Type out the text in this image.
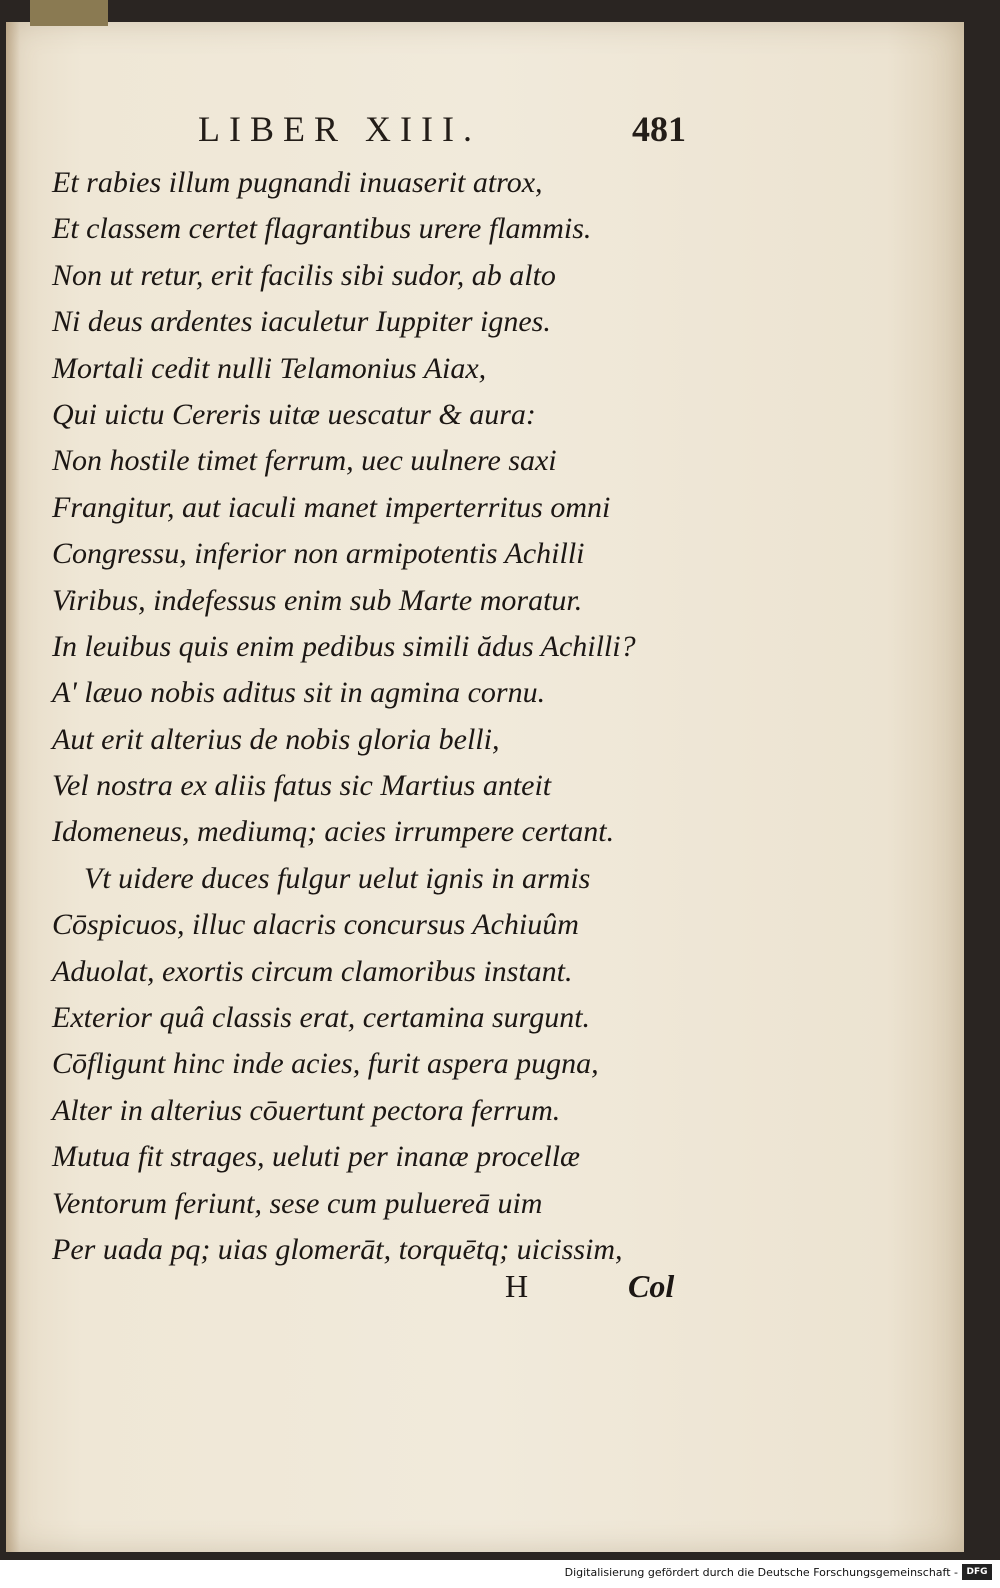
LIBER XIII.	481
Et rabies illum pugnandi inuaserit atrox,
Et classem certet flagrantibus urere flammis.
Non ut retur, erit facilis sibi sudor, ab alto
Ni deus ardentes iaculetur Iuppiter ignes.
Mortali cedit nulli Telamonius Aiax,
Qui uictu Cereris uitæ uescatur & aura:
Non hostile timet ferrum, uec uulnere saxi
Frangitur, aut iaculi manet imperterritus omni
Congressu, inferior non armipotentis Achilli
Viribus, indefessus enim sub Marte moratur.
In leuibus quis enim pedibus simili ădus Achilli?
A' læuo nobis aditus sit in agmina cornu.
Aut erit alterius de nobis gloria belli,
Vel nostra ex aliis fatus sic Martius anteit
Idomeneus, mediumq; acies irrumpere certant.
Vt uidere duces fulgur uelut ignis in armis
Cōspicuos, illuc alacris concursus Achiuûm
Aduolat, exortis circum clamoribus instant.
Exterior quâ classis erat, certamina surgunt.
Cōfligunt hinc inde acies, furit aspera pugna,
Alter in alterius cōuertunt pectora ferrum.
Mutua fit strages, ueluti per inanæ procellæ
Ventorum feriunt, sese cum puluereā uim
Per uada pq; uias glomerāt, torquētq; uicissim,
H	Col
Digitalisierung gefördert durch die Deutsche Forschungsgemeinschaft - DFG
